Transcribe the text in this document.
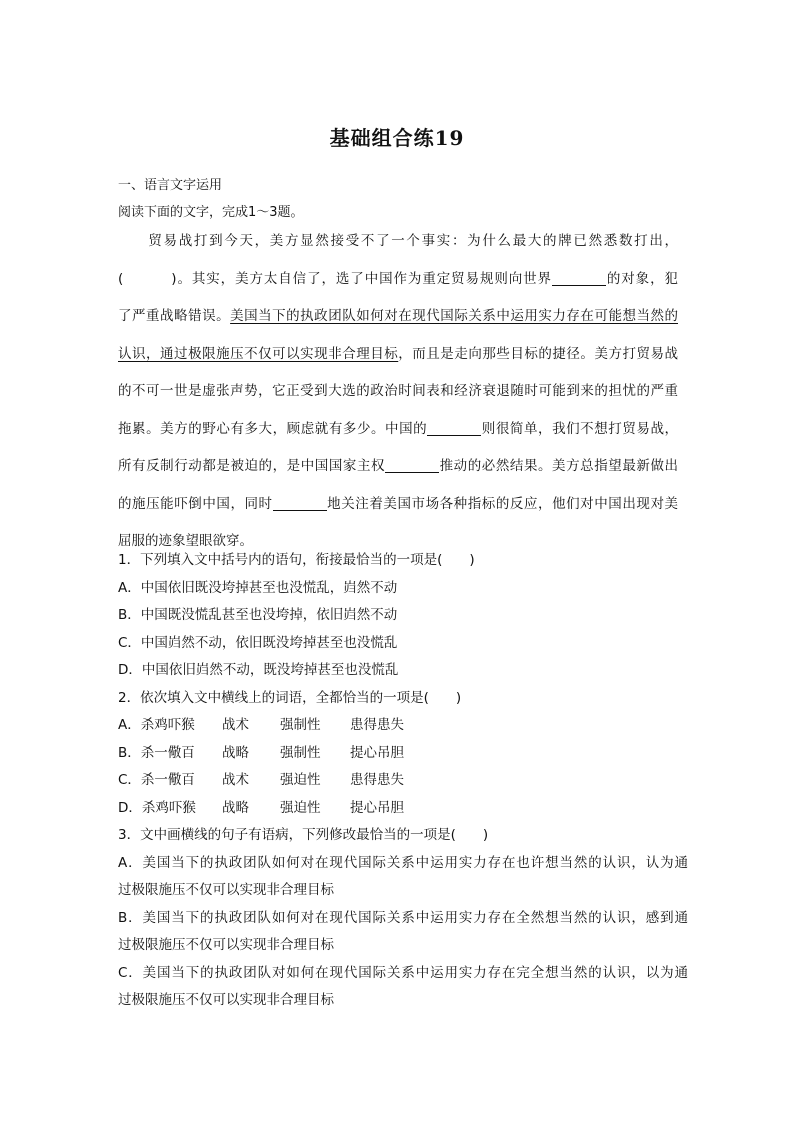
基础组合练19
一、语言文字运用
阅读下面的文字，完成1～3题。
　　贸易战打到今天，美方显然接受不了一个事实：为什么最大的牌已然悉数打出，
(	)。其实，美方太自信了，选了中国作为重定贸易规则向世界	的对象，犯
了严重战略错误。美国当下的执政团队如何对在现代国际关系中运用实力存在可能想当然的
认识，通过极限施压不仅可以实现非合理目标，而且是走向那些目标的捷径。美方打贸易战
的不可一世是虚张声势，它正受到大选的政治时间表和经济衰退随时可能到来的担忧的严重
拖累。美方的野心有多大，顾虑就有多少。中国的	则很简单，我们不想打贸易战，
所有反制行动都是被迫的，是中国国家主权	推动的必然结果。美方总指望最新做出
的施压能吓倒中国，同时	地关注着美国市场各种指标的反应，他们对中国出现对美
屈服的迹象望眼欲穿。
1．下列填入文中括号内的语句，衔接最恰当的一项是(　　)
A．中国依旧既没垮掉甚至也没慌乱，岿然不动
B．中国既没慌乱甚至也没垮掉，依旧岿然不动
C．中国岿然不动，依旧既没垮掉甚至也没慌乱
D．中国依旧岿然不动，既没垮掉甚至也没慌乱
2．依次填入文中横线上的词语，全都恰当的一项是(　　)
A．杀鸡吓猴 战术 强制性 患得患失
B．杀一儆百 战略 强制性 提心吊胆
C．杀一儆百 战术 强迫性 患得患失
D．杀鸡吓猴 战略 强迫性 提心吊胆
3．文中画横线的句子有语病，下列修改最恰当的一项是(　　)
A．美国当下的执政团队如何对在现代国际关系中运用实力存在也许想当然的认识，认为通
过极限施压不仅可以实现非合理目标
B．美国当下的执政团队如何对在现代国际关系中运用实力存在全然想当然的认识，感到通
过极限施压不仅可以实现非合理目标
C．美国当下的执政团队对如何在现代国际关系中运用实力存在完全想当然的认识，以为通
过极限施压不仅可以实现非合理目标
